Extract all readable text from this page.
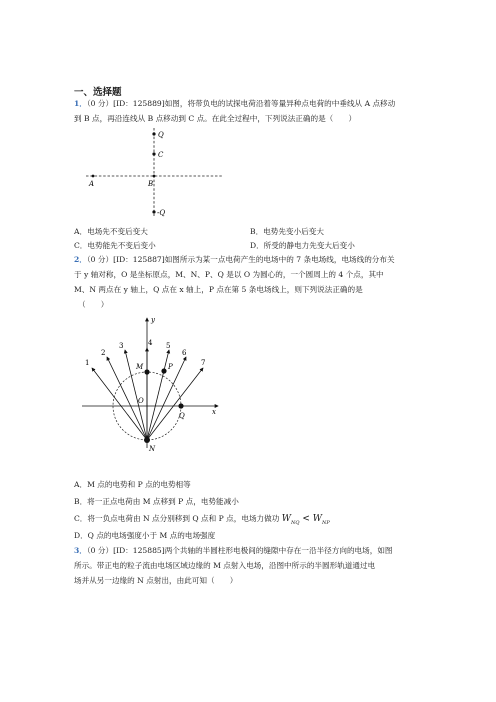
一、选择题
1．（0 分）[ID：125889]如图，将带负电的试探电荷沿着等量异种点电荷的中垂线从 A 点移动
到 B 点，再沿连线从 B 点移动到 C 点。在此全过程中，下列说法正确的是（　　）
Q
C
A	B
-Q
A．电场先不变后变大	B．电势先变小后变大
C．电势能先不变后变小	D．所受的静电力先变大后变小
2．（0 分）[ID：125887]如图所示为某一点电荷产生的电场中的 7 条电场线，电场线的分布关
于 y 轴对称，O 是坐标原点，M、N、P、Q 是以 O 为圆心的，一个圆周上的 4 个点，其中
M、N 两点在 y 轴上，Q 点在 x 轴上，P 点在第 5 条电场线上，则下列说法正确的是
（　　）
1
2
3	4 5
6
7
y
x
O
M	P
Q
N
A．M 点的电势和 P 点的电势相等
B．将一正点电荷由 M 点移到 P 点，电势能减小
C．将一负点电荷由 N 点分别移到 Q 点和 P 点，电场力做功 $W_{NQ} < W_{NP}$
D．Q 点的电场强度小于 M 点的电场强度
3．（0 分）[ID：125885]两个共轴的半圆柱形电极间的缝隙中存在一沿半径方向的电场，如图
所示。带正电的粒子流由电场区域边缘的 M 点射入电场，沿图中所示的半圆形轨道通过电
场并从另一边缘的 N 点射出，由此可知（　　）
